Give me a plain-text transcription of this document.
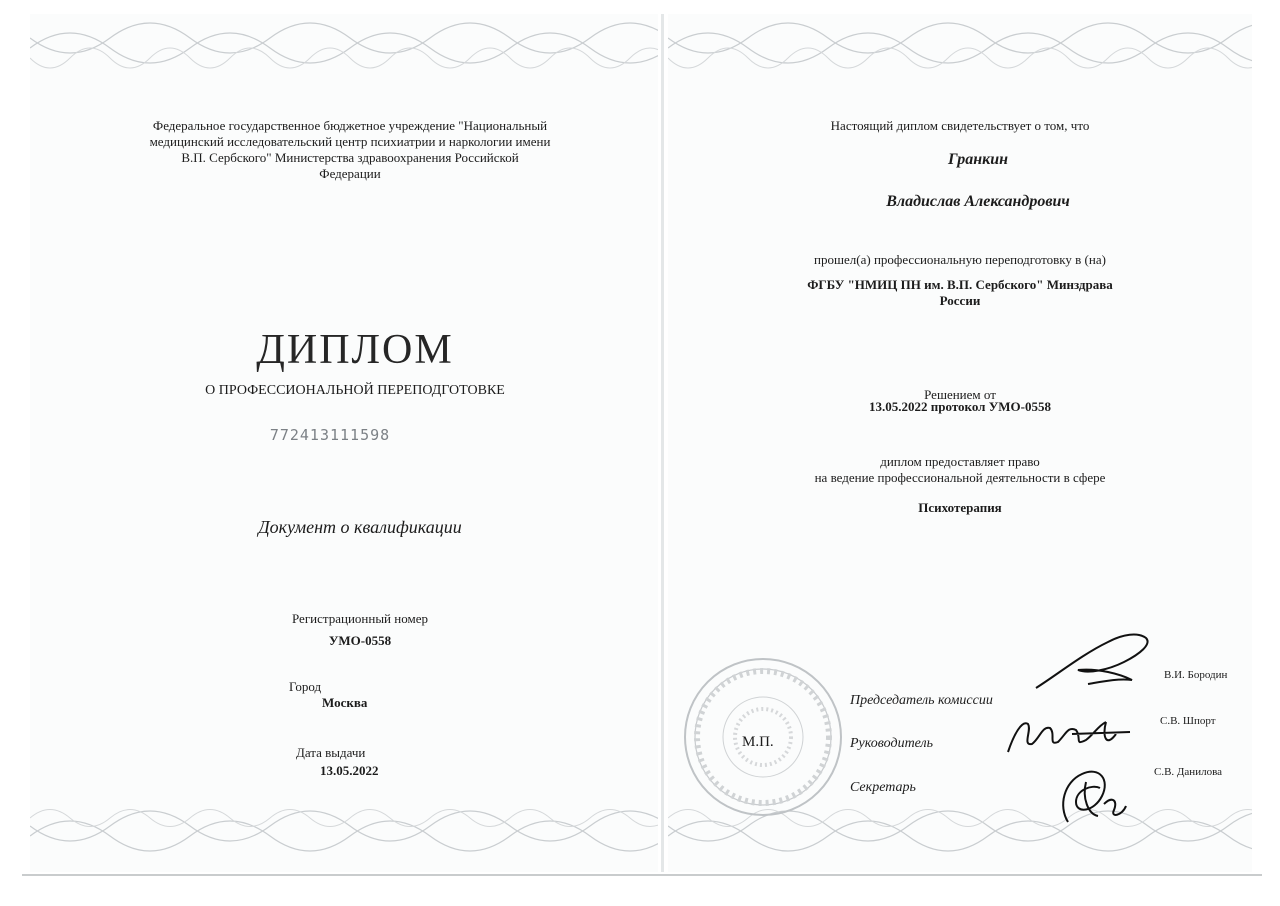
Федеральное государственное бюджетное учреждение "Национальный
медицинский исследовательский центр психиатрии и наркологии имени
В.П. Сербского" Министерства здравоохранения Российской
Федерации
ДИПЛОМ
О ПРОФЕССИОНАЛЬНОЙ ПЕРЕПОДГОТОВКЕ
772413111598
Документ о квалификации
Регистрационный номер
УМО-0558
Город
Москва
Дата выдачи
13.05.2022
Настоящий диплом свидетельствует о том, что
Гранкин
Владислав Александрович
прошел(а) профессиональную переподготовку в (на)
ФГБУ "НМИЦ ПН им. В.П. Сербского" Минздрава
России
Решением от
13.05.2022 протокол УМО-0558
диплом предоставляет право
на ведение профессиональной деятельности в сфере
Психотерапия
М.П.
Председатель комиссии
В.И. Бородин
Руководитель
С.В. Шпорт
Секретарь
С.В. Данилова
